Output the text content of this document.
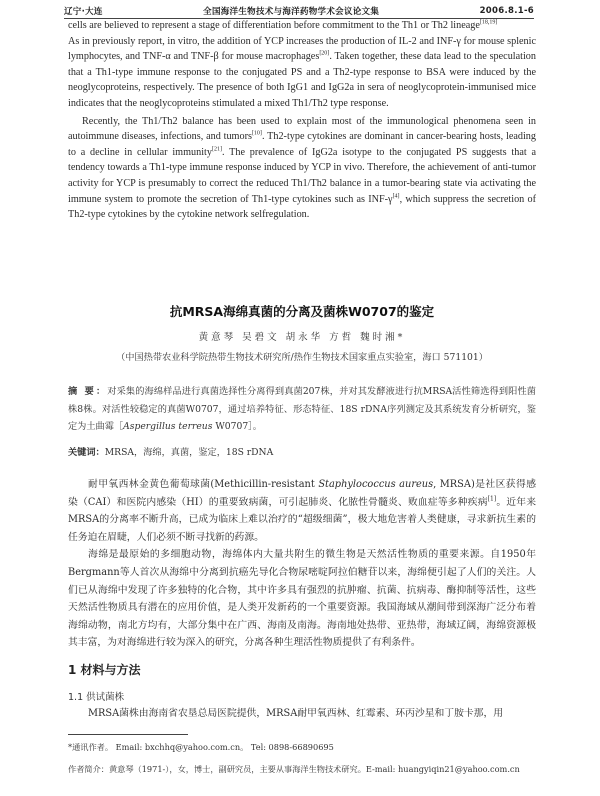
辽宁·大连	全国海洋生物技术与海洋药物学术会议论文集	2006.8.1-6

cells are believed to represent a stage of differentiation before commitment to the Th1 or Th2 lineage[18,19]

As in previously report, in vitro, the addition of YCP increases the production of IL-2 and INF-γ for mouse splenic lymphocytes, and TNF-α and TNF-β for mouse macrophages[20]. Taken together, these data lead to the speculation that a Th1-type immune response to the conjugated PS and a Th2-type response to BSA were induced by the neoglycoproteins, respectively. The presence of both IgG1 and IgG2a in sera of neoglycoprotein-immunised mice indicates that the neoglycoproteins stimulated a mixed Th1/Th2 type response.

Recently, the Th1/Th2 balance has been used to explain most of the immunological phenomena seen in autoimmune diseases, infections, and tumors[10]. Th2-type cytokines are dominant in cancer-bearing hosts, leading to a decline in cellular immunity[21]. The prevalence of IgG2a isotype to the conjugated PS suggests that a tendency towards a Th1-type immune response induced by YCP in vivo. Therefore, the achievement of anti-tumor activity for YCP is presumably to correct the reduced Th1/Th2 balance in a tumor-bearing state via activating the immune system to promote the secretion of Th1-type cytokines such as INF-γ[4], which suppress the secretion of Th2-type cytokines by the cytokine network selfregulation.

抗MRSA海绵真菌的分离及菌株W0707的鉴定
黄意琴 吴碧文 胡永华 方哲 魏时湘*
（中国热带农业科学院热带生物技术研究所/热作生物技术国家重点实验室，海口 571101）
摘 要：对采集的海绵样品进行真菌选择性分离得到真菌207株，并对其发酵液进行抗MRSA活性筛选得到阳性菌株8株。对活性较稳定的真菌W0707，通过培养特征、形态特征、18S rDNA序列测定及其系统发育分析研究，鉴定为土曲霉［Aspergillus terreus W0707］。
关键词：MRSA，海绵，真菌，鉴定，18S rDNA

耐甲氧西林金黄色葡萄球菌(Methicillin-resistant Staphylococcus aureus, MRSA)是社区获得感染（CAI）和医院内感染（HI）的重要致病菌，可引起肺炎、化脓性骨髓炎、败血症等多种疾病[1]。近年来MRSA的分离率不断升高，已成为临床上难以治疗的“超级细菌”，极大地危害着人类健康，寻求新抗生素的任务迫在眉睫，人们必须不断寻找新的药源。

海绵是最原始的多细胞动物，海绵体内大量共附生的微生物是天然活性物质的重要来源。自1950年Bergmann等人首次从海绵中分离到抗癌先导化合物尿嘧啶阿拉伯糖苷以来，海绵便引起了人们的关注。人们已从海绵中发现了许多独特的化合物，其中许多具有强烈的抗肿瘤、抗菌、抗病毒、酶抑制等活性，这些天然活性物质具有潜在的应用价值，是人类开发新药的一个重要资源。我国海域从潮间带到深海广泛分布着海绵动物，南北方均有，大部分集中在广西、海南及南海。海南地处热带、亚热带，海域辽阔，海绵资源极其丰富，为对海绵进行较为深入的研究，分离各种生理活性物质提供了有利条件。

1 材料与方法
1.1 供试菌株
MRSA菌株由海南省农垦总局医院提供，MRSA耐甲氧西林、红霉素、环丙沙星和丁胺卡那，用
*通讯作者。 Email: bxchhq@yahoo.com.cn。 Tel: 0898-66890695
作者简介：黄意琴（1971-），女，博士，副研究员，主要从事海洋生物技术研究。E-mail: huangyiqin21@yahoo.com.cn
